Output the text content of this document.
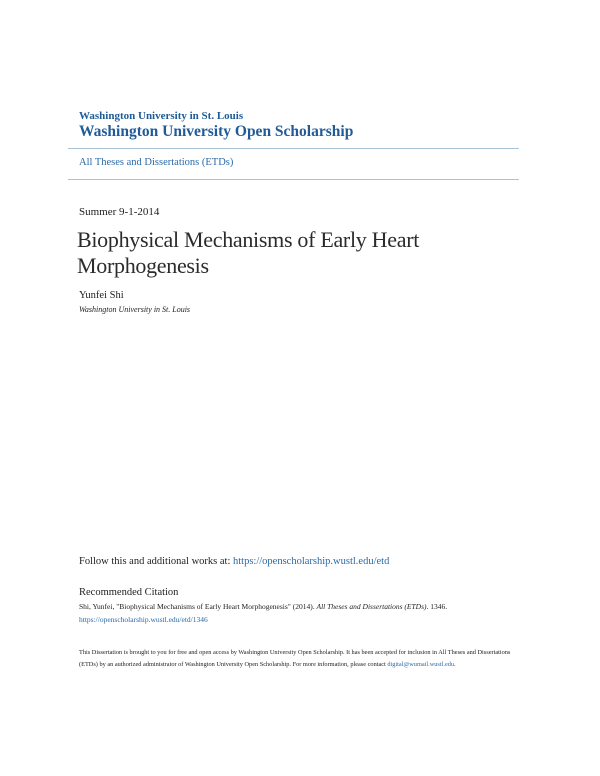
Washington University in St. Louis
Washington University Open Scholarship
All Theses and Dissertations (ETDs)
Summer 9-1-2014
Biophysical Mechanisms of Early Heart
Morphogenesis
Yunfei Shi
Washington University in St. Louis
Follow this and additional works at: https://openscholarship.wustl.edu/etd
Recommended Citation
Shi, Yunfei, "Biophysical Mechanisms of Early Heart Morphogenesis" (2014). All Theses and Dissertations (ETDs). 1346.
https://openscholarship.wustl.edu/etd/1346
This Dissertation is brought to you for free and open access by Washington University Open Scholarship. It has been accepted for inclusion in All Theses and Dissertations (ETDs) by an authorized administrator of Washington University Open Scholarship. For more information, please contact digital@wumail.wustl.edu.
